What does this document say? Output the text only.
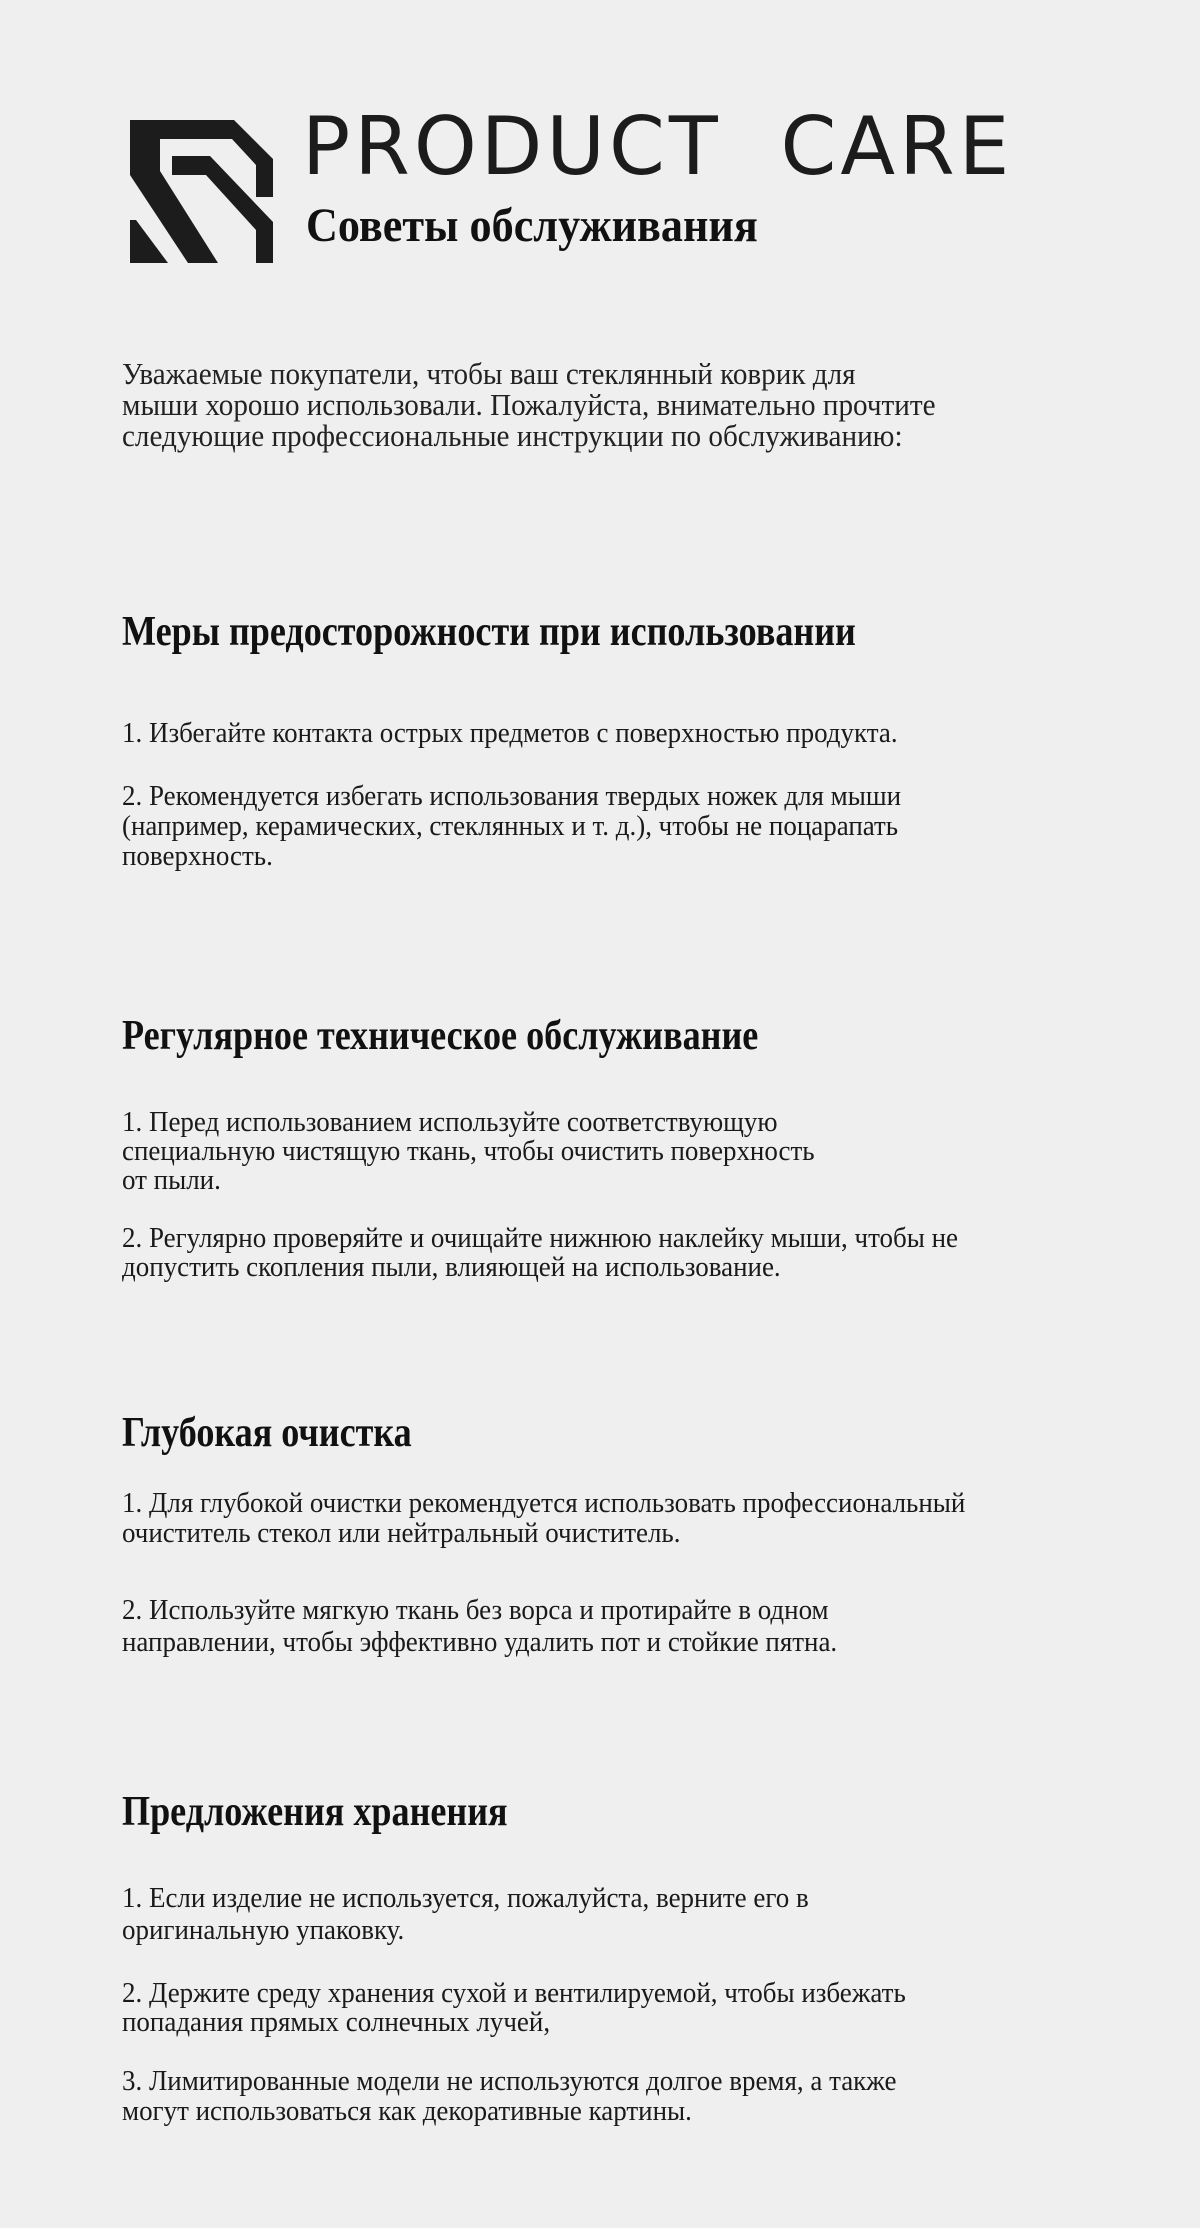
PRODUCT CARE
Советы обслуживания
Уважаемые покупатели, чтобы ваш стеклянный коврик для
мыши хорошо использовали. Пожалуйста, внимательно прочтите
следующие профессиональные инструкции по обслуживанию:
Меры предосторожности при использовании
1. Избегайте контакта острых предметов с поверхностью продукта.
2. Рекомендуется избегать использования твердых ножек для мыши
(например, керамических, стеклянных и т. д.), чтобы не поцарапать
поверхность.
Регулярное техническое обслуживание
1. Перед использованием используйте соответствующую
специальную чистящую ткань, чтобы очистить поверхность
от пыли.
2. Регулярно проверяйте и очищайте нижнюю наклейку мыши, чтобы не
допустить скопления пыли, влияющей на использование.
Глубокая очистка
1. Для глубокой очистки рекомендуется использовать профессиональный
очиститель стекол или нейтральный очиститель.
2. Используйте мягкую ткань без ворса и протирайте в одном
направлении, чтобы эффективно удалить пот и стойкие пятна.
Предложения хранения
1. Если изделие не используется, пожалуйста, верните его в
оригинальную упаковку.
2. Держите среду хранения сухой и вентилируемой, чтобы избежать
попадания прямых солнечных лучей,
3. Лимитированные модели не используются долгое время, а также
могут использоваться как декоративные картины.
